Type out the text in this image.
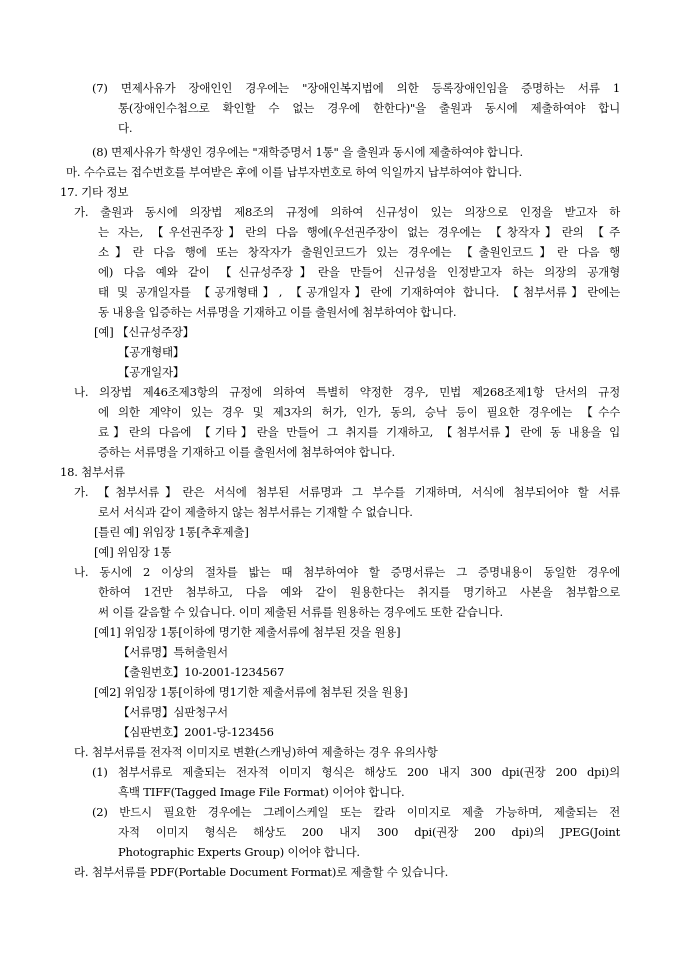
(7) 면제사유가 장애인인 경우에는 "장애인복지법에 의한 등록장애인임을 증명하는 서류 1
통(장애인수첩으로 확인할 수 없는 경우에 한한다)"을 출원과 동시에 제출하여야 합니
다.
(8) 면제사유가 학생인 경우에는 "재학증명서 1통" 을 출원과 동시에 제출하여야 합니다.
마. 수수료는 접수번호를 부여받은 후에 이를 납부자번호로 하여 익일까지 납부하여야 합니다.
17. 기타 정보
가. 출원과 동시에 의장법 제8조의 규정에 의하여 신규성이 있는 의장으로 인정을 받고자 하
는 자는, 【우선권주장】란의 다음 행에(우선권주장이 없는 경우에는 【창작자】란의 【주
소】란 다음 행에 또는 창작자가 출원인코드가 있는 경우에는 【출원인코드】란 다음 행
에) 다음 예와 같이 【신규성주장】란을 만들어 신규성을 인정받고자 하는 의장의 공개형
태 및 공개일자를 【공개형태】, 【공개일자】란에 기재하여야 합니다. 【첨부서류】란에는
동 내용을 입증하는 서류명을 기재하고 이를 출원서에 첨부하여야 합니다.
[예] 【신규성주장】
【공개형태】
【공개일자】
나. 의장법 제46조제3항의 규정에 의하여 특별히 약정한 경우, 민법 제268조제1항 단서의 규정
에 의한 계약이 있는 경우 및 제3자의 허가, 인가, 동의, 승낙 등이 필요한 경우에는 【수수
료】란의 다음에 【기타】란을 만들어 그 취지를 기재하고, 【첨부서류】란에 동 내용을 입
증하는 서류명을 기재하고 이를 출원서에 첨부하여야 합니다.
18. 첨부서류
가. 【첨부서류】란은 서식에 첨부된 서류명과 그 부수를 기재하며, 서식에 첨부되어야 할 서류
로서 서식과 같이 제출하지 않는 첨부서류는 기재할 수 없습니다.
[틀린 예] 위임장 1통[추후제출]
[예] 위임장 1통
나. 동시에 2 이상의 절차를 밟는 때 첨부하여야 할 증명서류는 그 증명내용이 동일한 경우에
한하여 1건만 첨부하고, 다음 예와 같이 원용한다는 취지를 명기하고 사본을 첨부함으로
써 이를 갈음할 수 있습니다. 이미 제출된 서류를 원용하는 경우에도 또한 같습니다.
[예1] 위임장 1통[이하에 명기한 제출서류에 첨부된 것을 원용]
【서류명】특허출원서
【출원번호】10-2001-1234567
[예2] 위임장 1통[이하에 명1기한 제출서류에 첨부된 것을 원용]
【서류명】심판청구서
【심판번호】2001-당-123456
다. 첨부서류를 전자적 이미지로 변환(스캐닝)하여 제출하는 경우 유의사항
(1) 첨부서류로 제출되는 전자적 이미지 형식은 해상도 200 내지 300 dpi(권장 200 dpi)의
흑백 TIFF(Tagged Image File Format) 이어야 합니다.
(2) 반드시 필요한 경우에는 그레이스케일 또는 칼라 이미지로 제출 가능하며, 제출되는 전
자적 이미지 형식은 해상도 200 내지 300 dpi(권장 200 dpi)의 JPEG(Joint
Photographic Experts Group) 이어야 합니다.
라. 첨부서류를 PDF(Portable Document Format)로 제출할 수 있습니다.
